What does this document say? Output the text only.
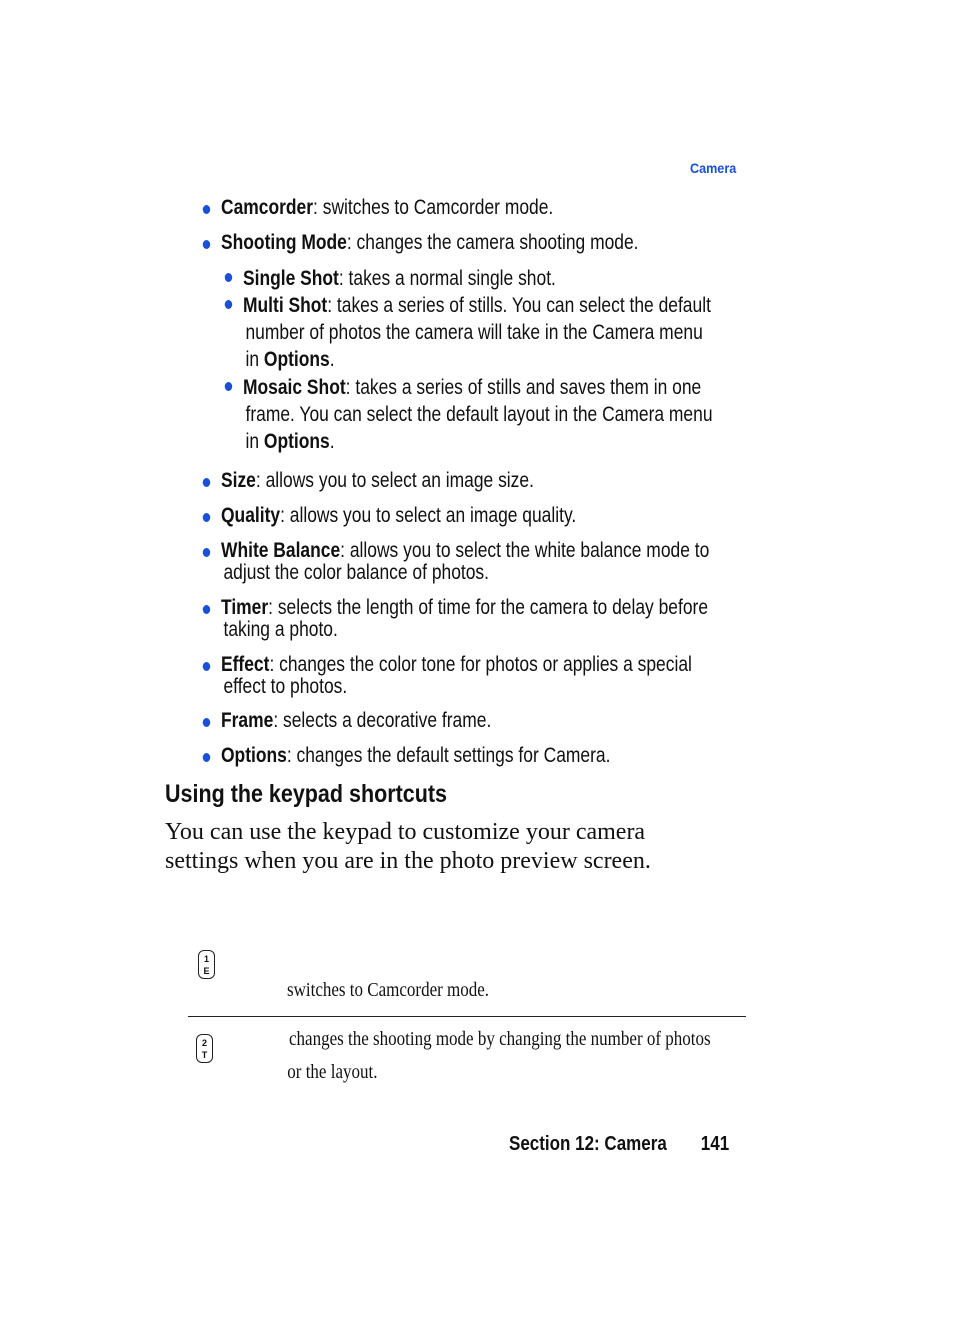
Camera
Camcorder: switches to Camcorder mode.
Shooting Mode: changes the camera shooting mode.
Single Shot: takes a normal single shot.
Multi Shot: takes a series of stills. You can select the default
number of photos the camera will take in the Camera menu
in Options.
Mosaic Shot: takes a series of stills and saves them in one
frame. You can select the default layout in the Camera menu
in Options.
Size: allows you to select an image size.
Quality: allows you to select an image quality.
White Balance: allows you to select the white balance mode to
adjust the color balance of photos.
Timer: selects the length of time for the camera to delay before
taking a photo.
Effect: changes the color tone for photos or applies a special
effect to photos.
Frame: selects a decorative frame.
Options: changes the default settings for Camera.
Using the keypad shortcuts
You can use the keypad to customize your camera
settings when you are in the photo preview screen.
1
E
switches to Camcorder mode.
2
T
changes the shooting mode by changing the number of photos
or the layout.
Section 12: Camera 141
